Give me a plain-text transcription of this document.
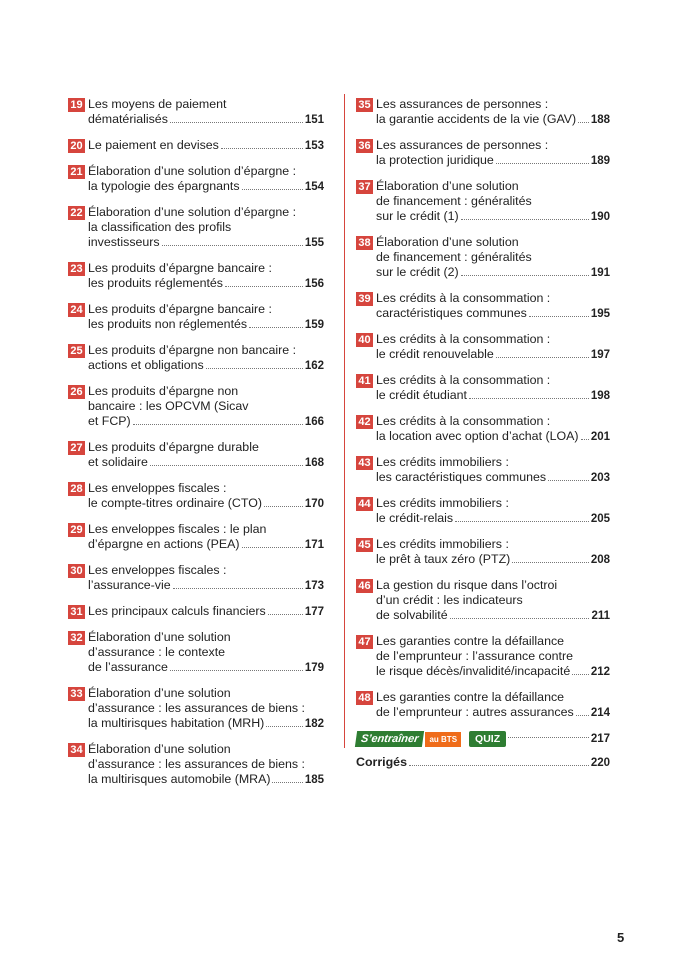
19 Les moyens de paiement
dématérialisés	151
20 Le paiement en devises	153
21 Élaboration d’une solution d’épargne :
la typologie des épargnants	154
22 Élaboration d’une solution d’épargne :
la classification des profils
investisseurs	155
23 Les produits d’épargne bancaire :
les produits réglementés	156
24 Les produits d’épargne bancaire :
les produits non réglementés	159
25 Les produits d’épargne non bancaire :
actions et obligations	162
26 Les produits d’épargne non
bancaire : les OPCVM (Sicav
et FCP)	166
27 Les produits d’épargne durable
et solidaire	168
28 Les enveloppes fiscales :
le compte-titres ordinaire (CTO)	170
29 Les enveloppes fiscales : le plan
d’épargne en actions (PEA)	171
30 Les enveloppes fiscales :
l’assurance-vie	173
31 Les principaux calculs financiers	177
32 Élaboration d’une solution
d’assurance : le contexte
de l’assurance	179
33 Élaboration d’une solution
d’assurance : les assurances de biens :
la multirisques habitation (MRH)	182
34 Élaboration d’une solution
d’assurance : les assurances de biens :
la multirisques automobile (MRA)	185
35 Les assurances de personnes :
la garantie accidents de la vie (GAV) 188
36 Les assurances de personnes :
la protection juridique	189
37 Élaboration d’une solution
de financement : généralités
sur le crédit (1)	190
38 Élaboration d’une solution
de financement : généralités
sur le crédit (2)	191
39 Les crédits à la consommation :
caractéristiques communes	195
40 Les crédits à la consommation :
le crédit renouvelable	197
41 Les crédits à la consommation :
le crédit étudiant	198
42 Les crédits à la consommation :
la location avec option d’achat (LOA) 201
43 Les crédits immobiliers :
les caractéristiques communes	203
44 Les crédits immobiliers :
le crédit-relais	205
45 Les crédits immobiliers :
le prêt à taux zéro (PTZ)	208
46 La gestion du risque dans l’octroi
d’un crédit : les indicateurs
de solvabilité	211
47 Les garanties contre la défaillance
de l’emprunteur : l’assurance contre
le risque décès/invalidité/incapacité 212
48 Les garanties contre la défaillance
de l’emprunteur : autres assurances 214
S’entraîner	au BTS	QUIZ	217
Corrigés	220
5
